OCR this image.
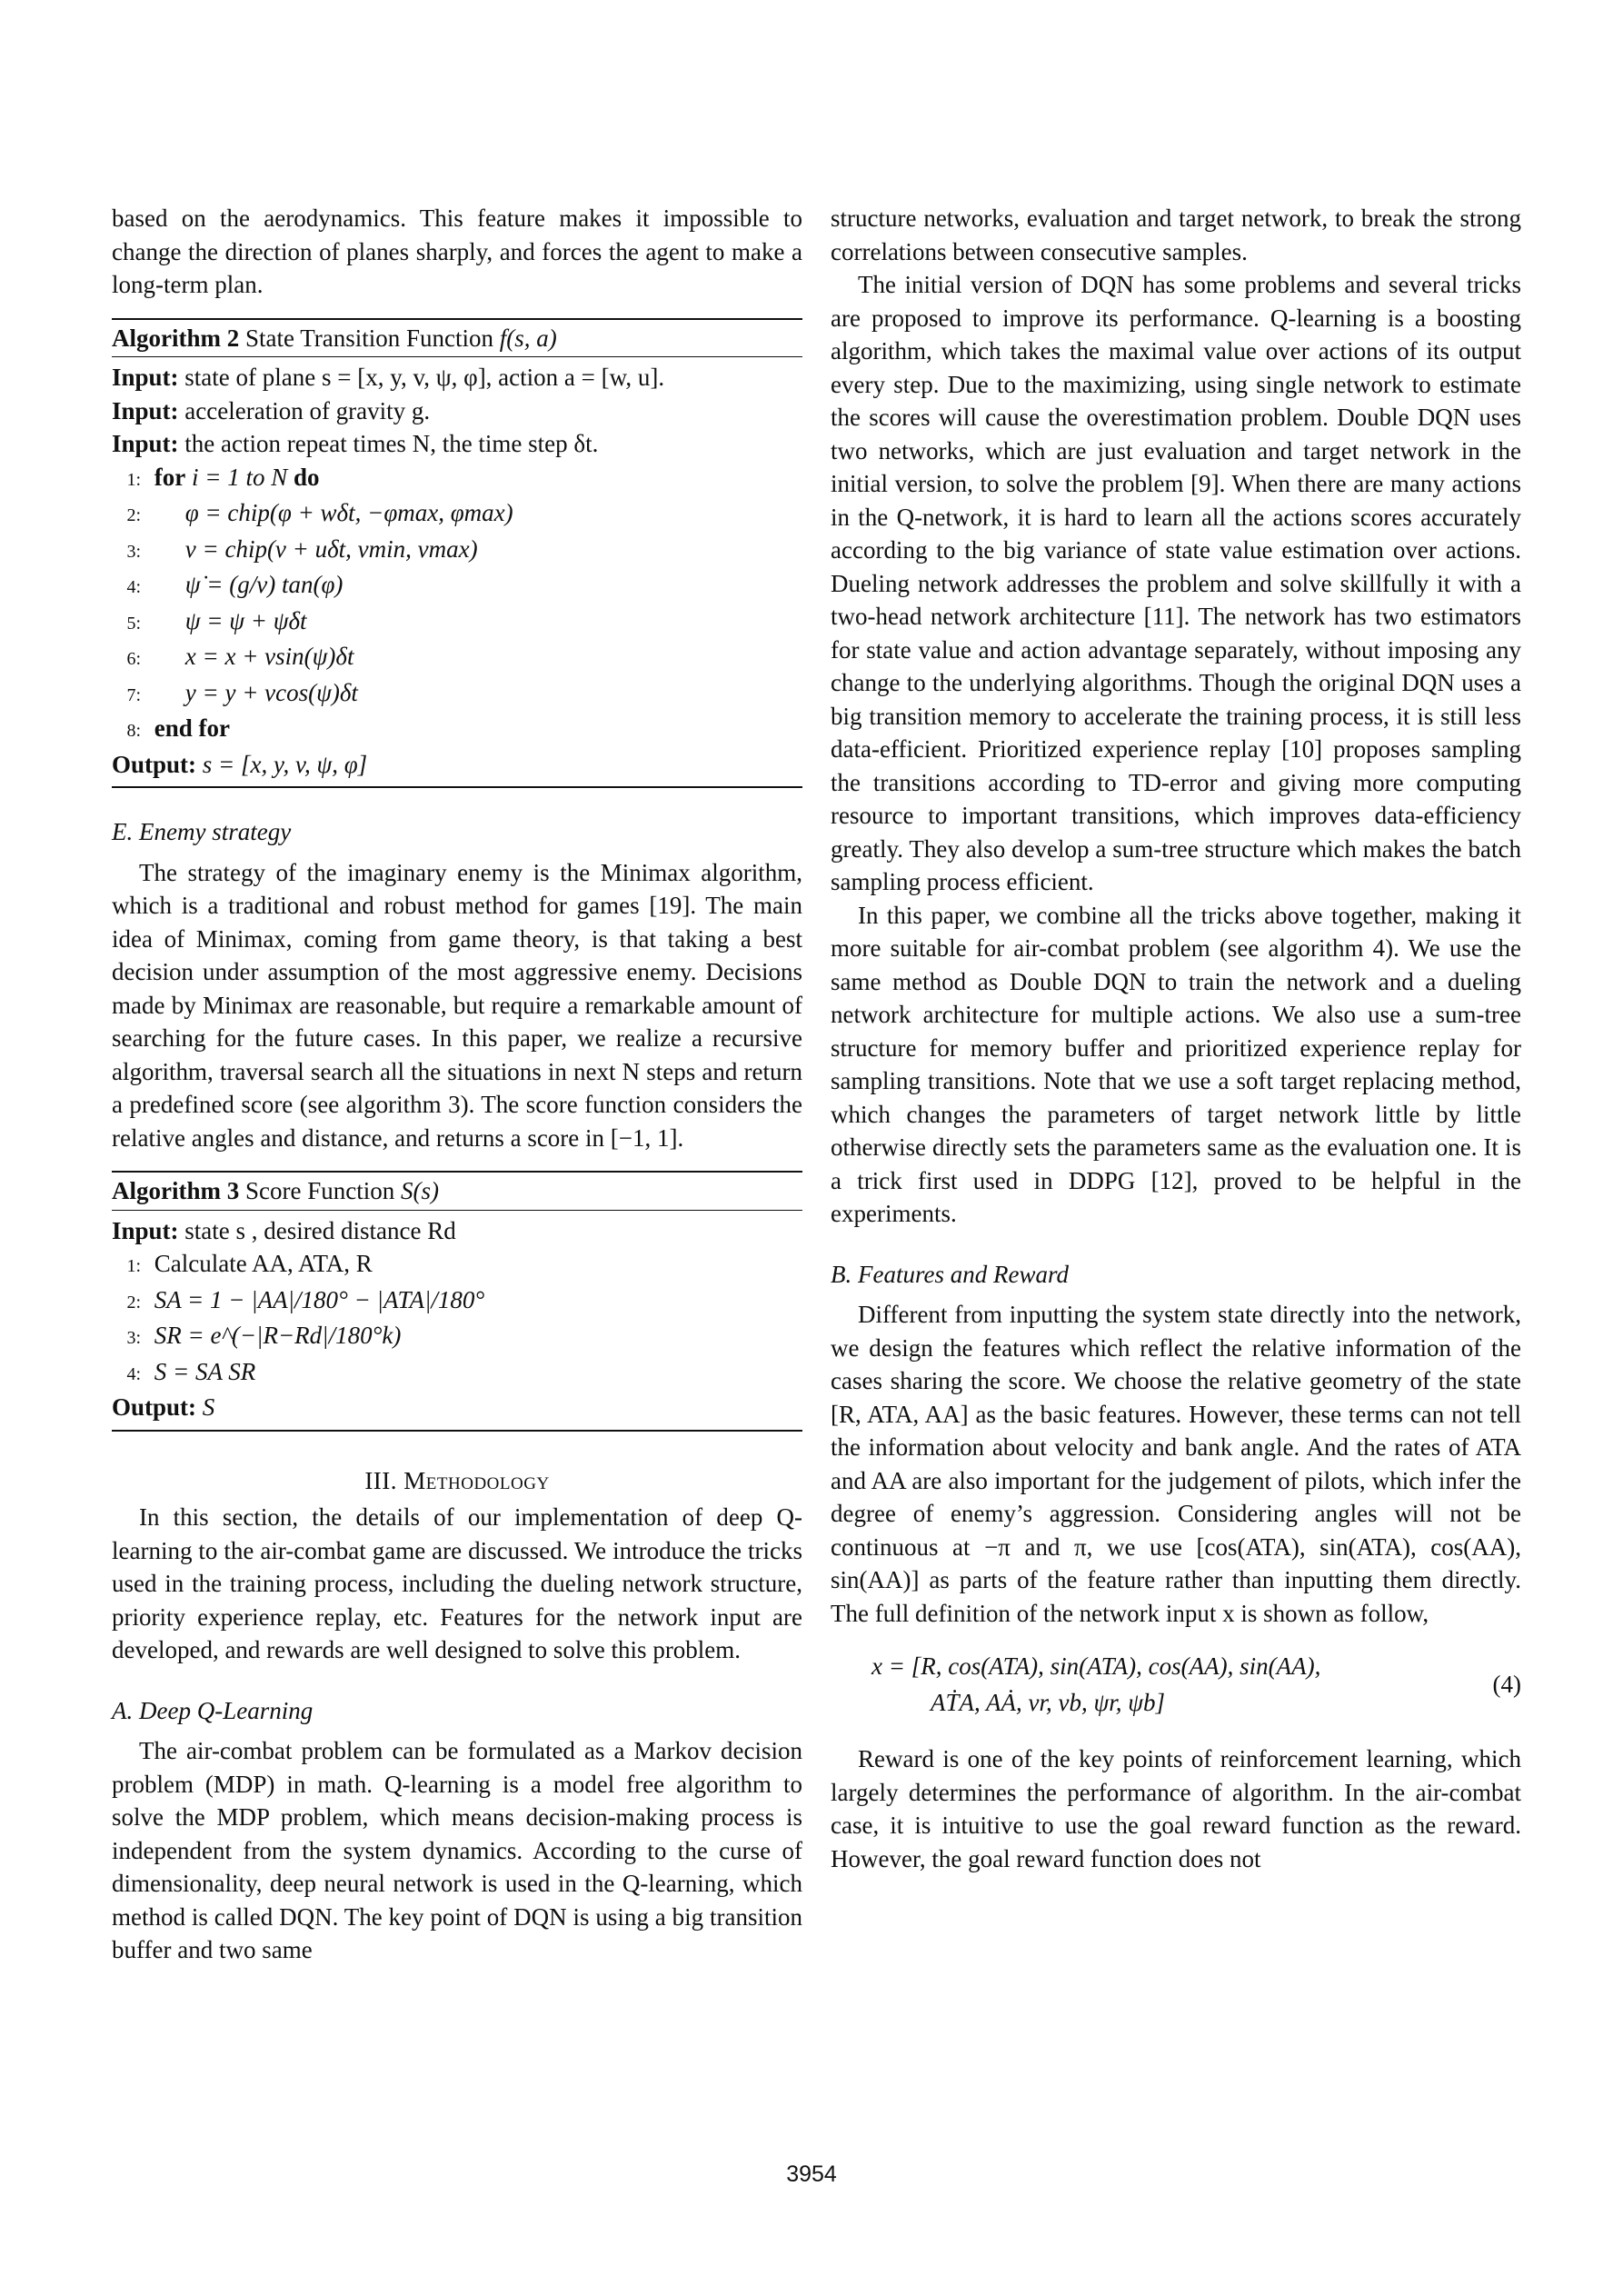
based on the aerodynamics. This feature makes it impossible to change the direction of planes sharply, and forces the agent to make a long-term plan.

Algorithm 2 State Transition Function f(s, a)
Input: state of plane s = [x, y, v, ψ, φ], action a = [w, u].
Input: acceleration of gravity g.
Input: the action repeat times N, the time step δt.
1: for i = 1 to N do
2: φ = chip(φ + wδt, −φmax, φmax)
3: v = chip(v + uδt, vmin, vmax)
4: ψ̇ = (g/v) tan(φ)
5: ψ = ψ + ψ̇δt
6: x = x + vsin(ψ)δt
7: y = y + vcos(ψ)δt
8: end for
Output: s = [x, y, v, ψ, φ]

E. Enemy strategy

The strategy of the imaginary enemy is the Minimax algorithm, which is a traditional and robust method for games [19]. The main idea of Minimax, coming from game theory, is that taking a best decision under assumption of the most aggressive enemy. Decisions made by Minimax are reasonable, but require a remarkable amount of searching for the future cases. In this paper, we realize a recursive algorithm, traversal search all the situations in next N steps and return a predefined score (see algorithm 3). The score function considers the relative angles and distance, and returns a score in [−1, 1].

Algorithm 3 Score Function S(s)
Input: state s , desired distance Rd
1: Calculate AA, ATA, R
2: SA = 1 − |AA|/180° − |ATA|/180°
3: SR = e^(−|R−Rd|/180°k)
4: S = SA SR
Output: S

III. Methodology

In this section, the details of our implementation of deep Q-learning to the air-combat game are discussed. We introduce the tricks used in the training process, including the dueling network structure, priority experience replay, etc. Features for the network input are developed, and rewards are well designed to solve this problem.

A. Deep Q-Learning

The air-combat problem can be formulated as a Markov decision problem (MDP) in math. Q-learning is a model free algorithm to solve the MDP problem, which means decision-making process is independent from the system dynamics. According to the curse of dimensionality, deep neural network is used in the Q-learning, which method is called DQN. The key point of DQN is using a big transition buffer and two same

structure networks, evaluation and target network, to break the strong correlations between consecutive samples.

The initial version of DQN has some problems and several tricks are proposed to improve its performance. Q-learning is a boosting algorithm, which takes the maximal value over actions of its output every step. Due to the maximizing, using single network to estimate the scores will cause the overestimation problem. Double DQN uses two networks, which are just evaluation and target network in the initial version, to solve the problem [9]. When there are many actions in the Q-network, it is hard to learn all the actions scores accurately according to the big variance of state value estimation over actions. Dueling network addresses the problem and solve skillfully it with a two-head network architecture [11]. The network has two estimators for state value and action advantage separately, without imposing any change to the underlying algorithms. Though the original DQN uses a big transition memory to accelerate the training process, it is still less data-efficient. Prioritized experience replay [10] proposes sampling the transitions according to TD-error and giving more computing resource to important transitions, which improves data-efficiency greatly. They also develop a sum-tree structure which makes the batch sampling process efficient.

In this paper, we combine all the tricks above together, making it more suitable for air-combat problem (see algorithm 4). We use the same method as Double DQN to train the network and a dueling network architecture for multiple actions. We also use a sum-tree structure for memory buffer and prioritized experience replay for sampling transitions. Note that we use a soft target replacing method, which changes the parameters of target network little by little otherwise directly sets the parameters same as the evaluation one. It is a trick first used in DDPG [12], proved to be helpful in the experiments.

B. Features and Reward

Different from inputting the system state directly into the network, we design the features which reflect the relative information of the cases sharing the score. We choose the relative geometry of the state [R, ATA, AA] as the basic features. However, these terms can not tell the information about velocity and bank angle. And the rates of ATA and AA are also important for the judgement of pilots, which infer the degree of enemy’s aggression. Considering angles will not be continuous at −π and π, we use [cos(ATA), sin(ATA), cos(AA), sin(AA)] as parts of the feature rather than inputting them directly. The full definition of the network input x is shown as follow,

x = [R, cos(ATA), sin(ATA), cos(AA), sin(AA),
AṪA, AȦ, vr, vb, ψr, ψb]
(4)

Reward is one of the key points of reinforcement learning, which largely determines the performance of algorithm. In the air-combat case, it is intuitive to use the goal reward function as the reward. However, the goal reward function does not

3954
